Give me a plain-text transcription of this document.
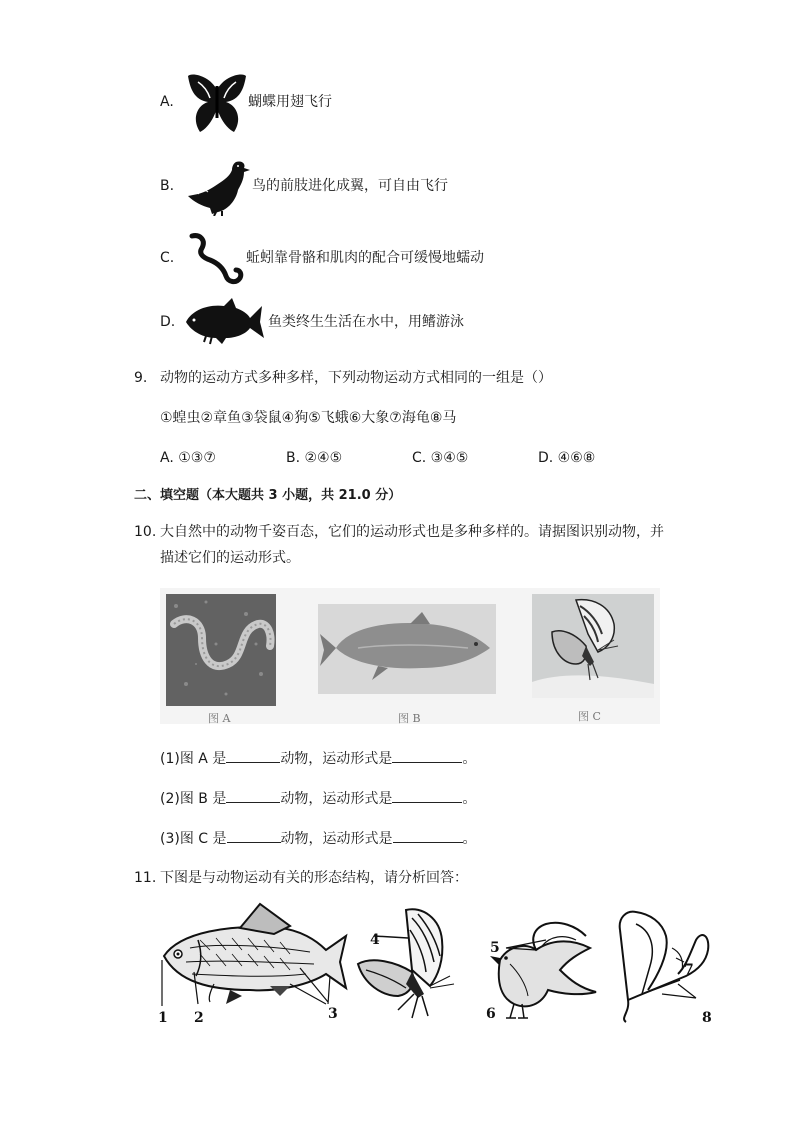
A.	蝴蝶用翅飞行
B.	鸟的前肢进化成翼，可自由飞行
C.	蚯蚓靠骨骼和肌肉的配合可缓慢地蠕动
D.	鱼类终生生活在水中，用鳍游泳
9. 动物的运动方式多种多样，下列动物运动方式相同的一组是（）
①蝗虫②章鱼③袋鼠④狗⑤飞蛾⑥大象⑦海龟⑧马
A. ①③⑦	B. ②④⑤	C. ③④⑤	D. ④⑥⑧
二、填空题（本大题共 3 小题，共 21.0 分）
10. 大自然中的动物千姿百态，它们的运动形式也是多种多样的。请据图识别动物，并
描述它们的运动形式。
图 A	图 B	图 C
(1)图 A 是	动物，运动形式是	。
(2)图 B 是	动物，运动形式是	。
(3)图 C 是	动物，运动形式是	。
11. 下图是与动物运动有关的形态结构，请分析回答：
1 2	3
4	5
6
7
8
